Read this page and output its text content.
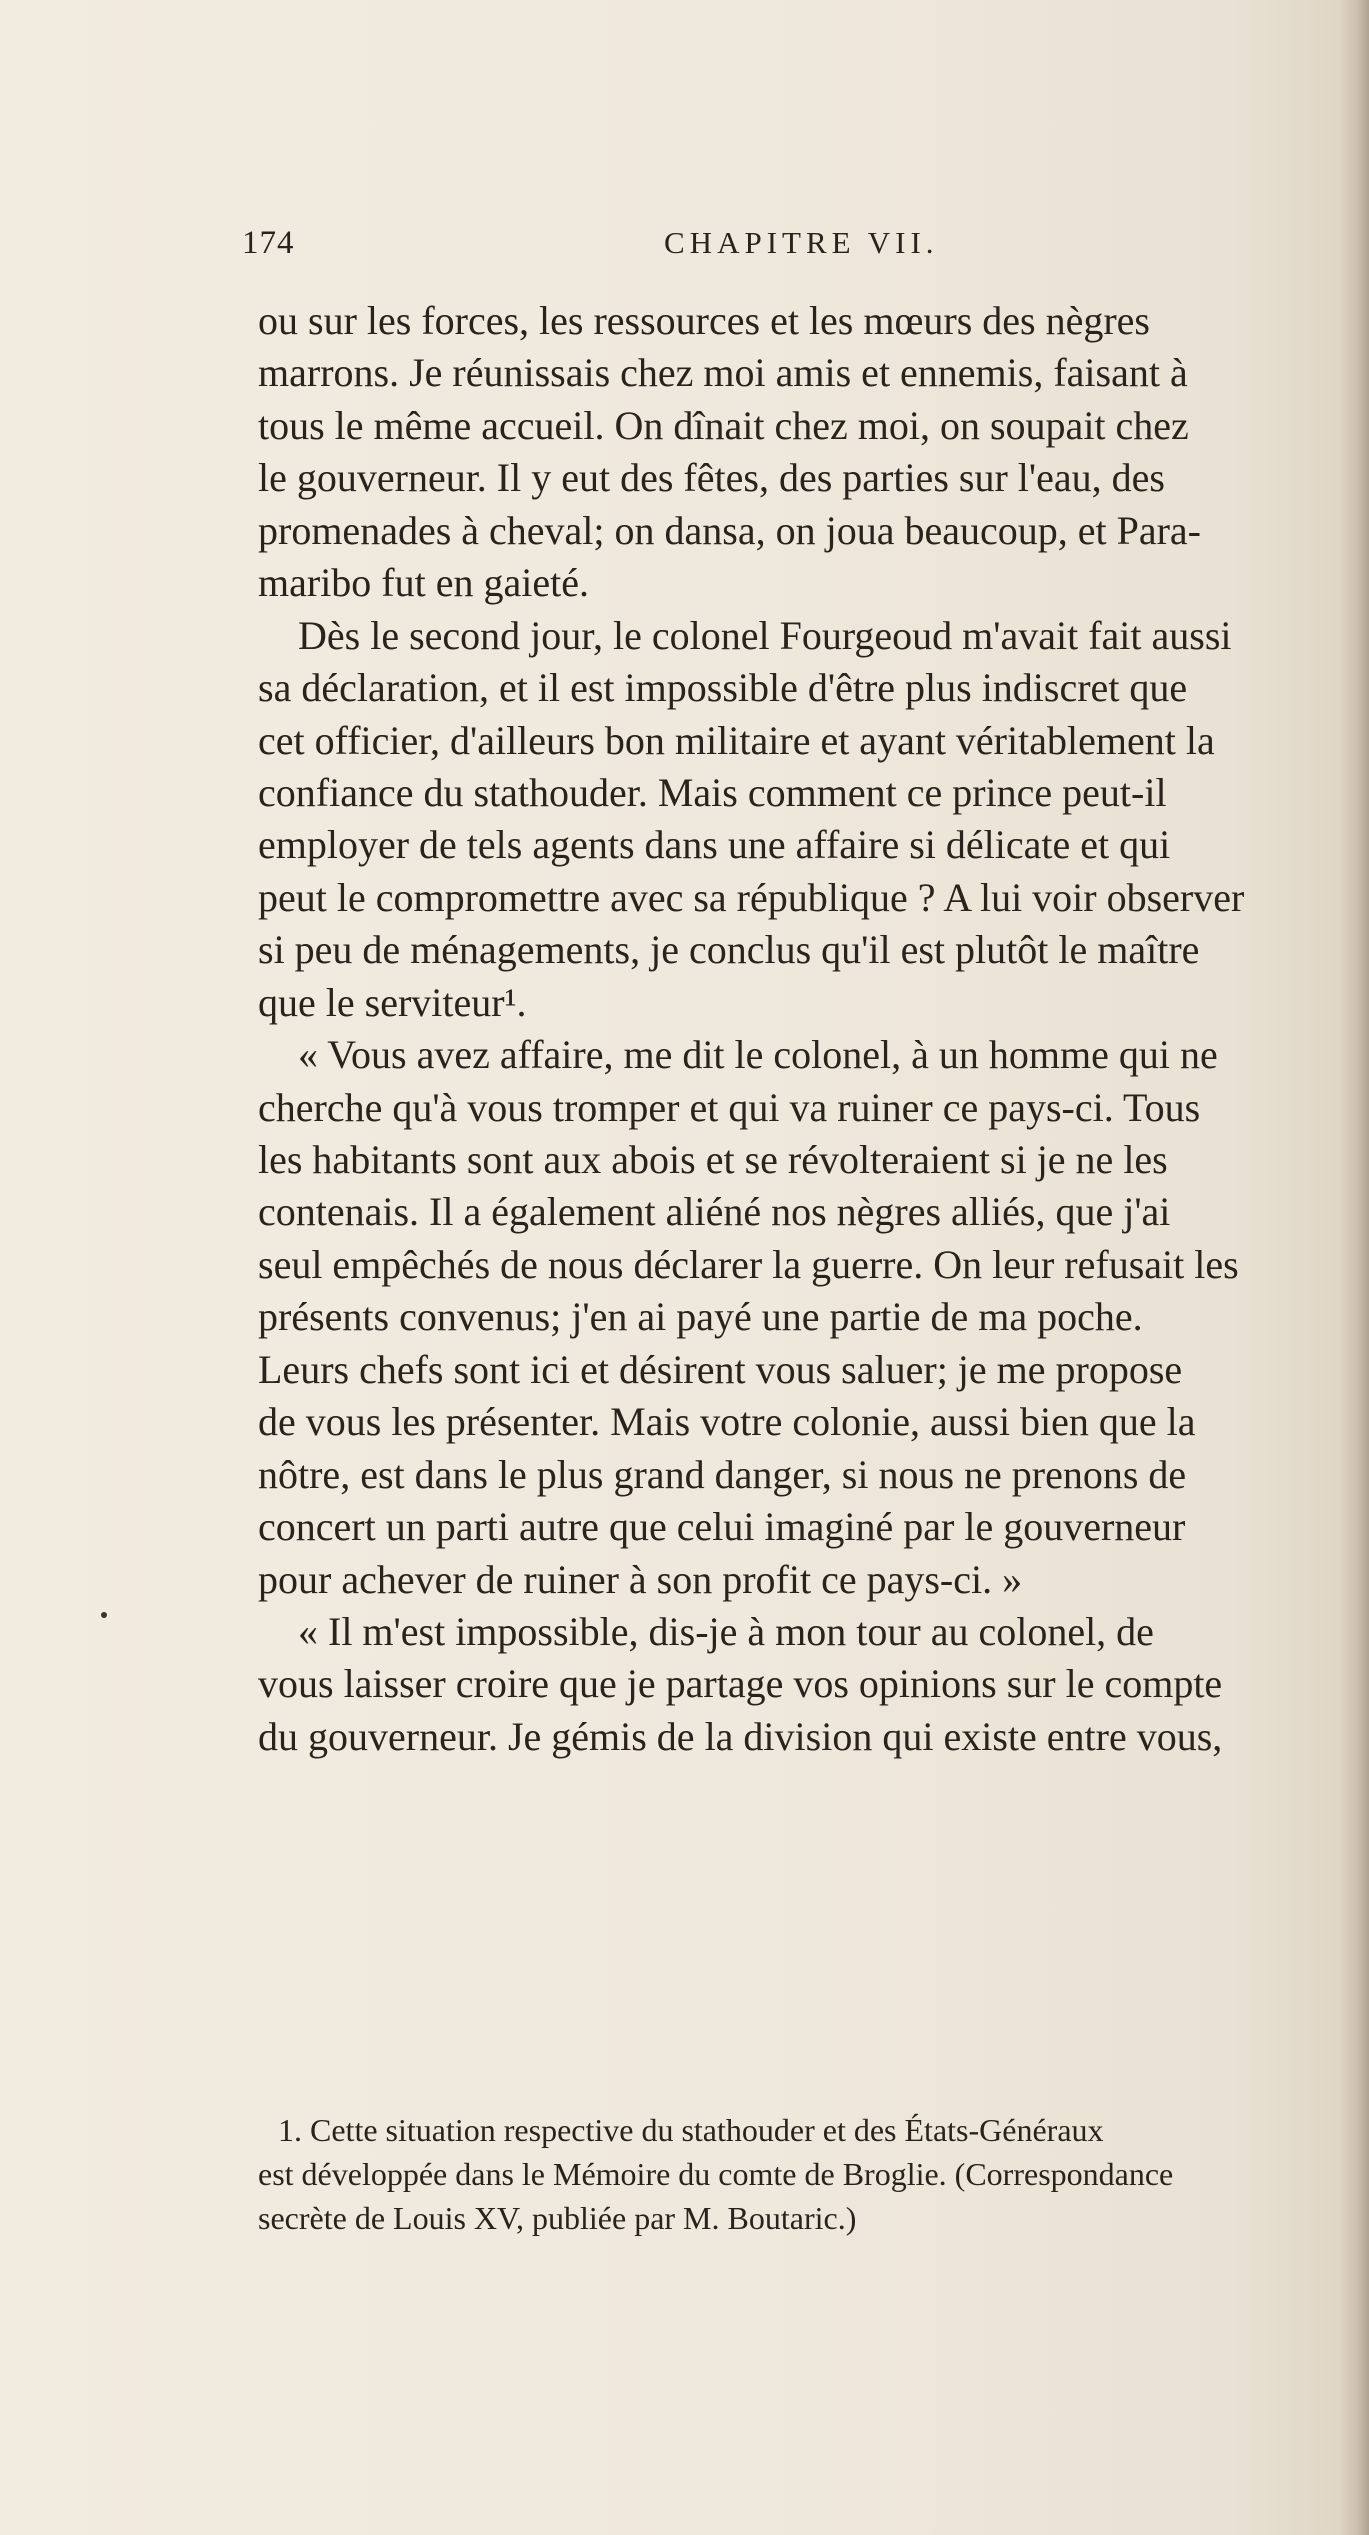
174	CHAPITRE VII.
ou sur les forces, les ressources et les mœurs des nègres
marrons. Je réunissais chez moi amis et ennemis, faisant à
tous le même accueil. On dînait chez moi, on soupait chez
le gouverneur. Il y eut des fêtes, des parties sur l'eau, des
promenades à cheval; on dansa, on joua beaucoup, et Para-
maribo fut en gaieté.
Dès le second jour, le colonel Fourgeoud m'avait fait aussi
sa déclaration, et il est impossible d'être plus indiscret que
cet officier, d'ailleurs bon militaire et ayant véritablement la
confiance du stathouder. Mais comment ce prince peut-il
employer de tels agents dans une affaire si délicate et qui
peut le compromettre avec sa république ? A lui voir observer
si peu de ménagements, je conclus qu'il est plutôt le maître
que le serviteur¹.
« Vous avez affaire, me dit le colonel, à un homme qui ne
cherche qu'à vous tromper et qui va ruiner ce pays-ci. Tous
les habitants sont aux abois et se révolteraient si je ne les
contenais. Il a également aliéné nos nègres alliés, que j'ai
seul empêchés de nous déclarer la guerre. On leur refusait les
présents convenus; j'en ai payé une partie de ma poche.
Leurs chefs sont ici et désirent vous saluer; je me propose
de vous les présenter. Mais votre colonie, aussi bien que la
nôtre, est dans le plus grand danger, si nous ne prenons de
concert un parti autre que celui imaginé par le gouverneur
pour achever de ruiner à son profit ce pays-ci. »
« Il m'est impossible, dis-je à mon tour au colonel, de
vous laisser croire que je partage vos opinions sur le compte
du gouverneur. Je gémis de la division qui existe entre vous,
1. Cette situation respective du stathouder et des États-Généraux
est développée dans le Mémoire du comte de Broglie. (Correspondance
secrète de Louis XV, publiée par M. Boutaric.)
